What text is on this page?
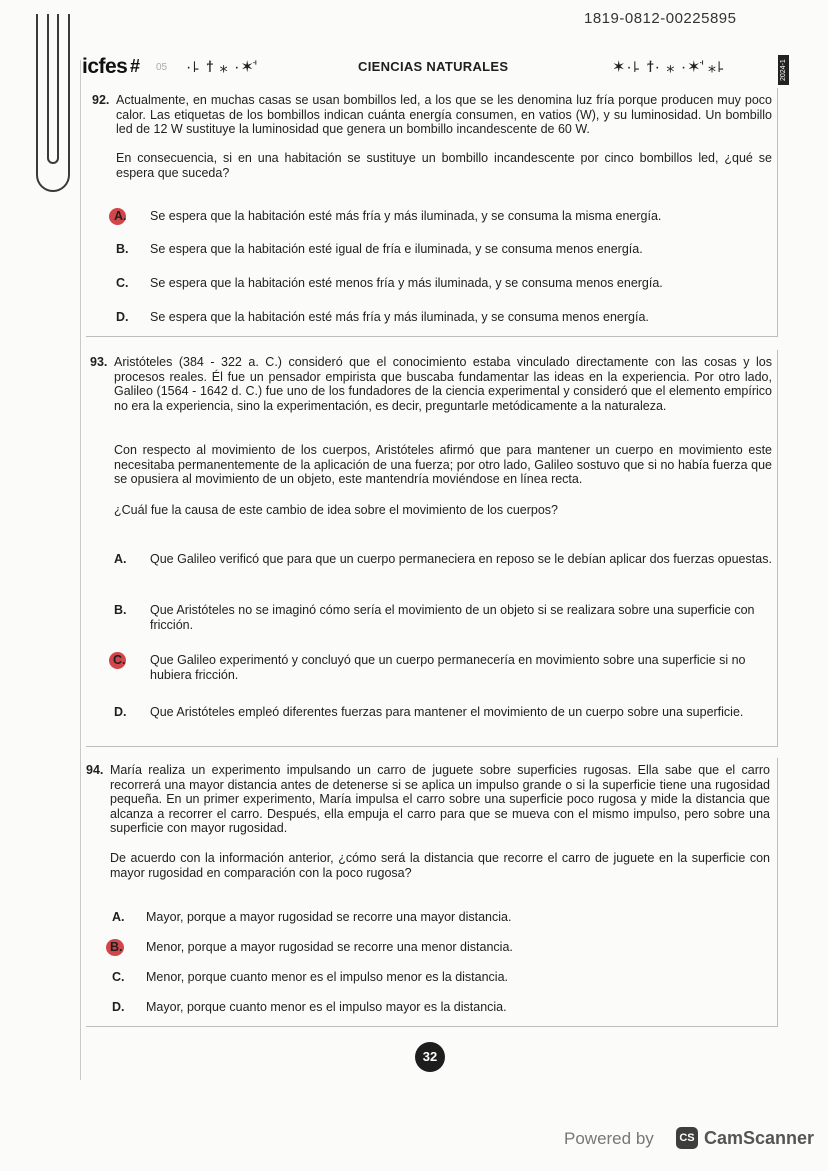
1819-0812-00225895
icfes # 05 ·꜕ ϯ ⁎ ·✶ꜗ	CIENCIAS NATURALES	✶·꜕ ϯ· ⁎ ·✶ꜗ ⁎꜕	2024-1
92. Actualmente, en muchas casas se usan bombillos led, a los que se les denomina luz fría porque producen muy poco calor. Las etiquetas de los bombillos indican cuánta energía consumen, en vatios (W), y su luminosidad. Un bombillo led de 12 W sustituye la luminosidad que genera un bombillo incandescente de 60 W.

En consecuencia, si en una habitación se sustituye un bombillo incandescente por cinco bombillos led, ¿qué se espera que suceda?

A. Se espera que la habitación esté más fría y más iluminada, y se consuma la misma energía.

B. Se espera que la habitación esté igual de fría e iluminada, y se consuma menos energía.

C. Se espera que la habitación esté menos fría y más iluminada, y se consuma menos energía.

D. Se espera que la habitación esté más fría y más iluminada, y se consuma menos energía.

93. Aristóteles (384 - 322 a. C.) consideró que el conocimiento estaba vinculado directamente con las cosas y los procesos reales. Él fue un pensador empirista que buscaba fundamentar las ideas en la experiencia. Por otro lado, Galileo (1564 - 1642 d. C.) fue uno de los fundadores de la ciencia experimental y consideró que el elemento empírico no era la experiencia, sino la experimentación, es decir, preguntarle metódicamente a la naturaleza.

Con respecto al movimiento de los cuerpos, Aristóteles afirmó que para mantener un cuerpo en movimiento este necesitaba permanentemente de la aplicación de una fuerza; por otro lado, Galileo sostuvo que si no había fuerza que se opusiera al movimiento de un objeto, este mantendría moviéndose en línea recta.

¿Cuál fue la causa de este cambio de idea sobre el movimiento de los cuerpos?

A. Que Galileo verificó que para que un cuerpo permaneciera en reposo se le debían aplicar dos fuerzas opuestas.

B. Que Aristóteles no se imaginó cómo sería el movimiento de un objeto si se realizara sobre una superficie con fricción.

C. Que Galileo experimentó y concluyó que un cuerpo permanecería en movimiento sobre una superficie si no hubiera fricción.

D. Que Aristóteles empleó diferentes fuerzas para mantener el movimiento de un cuerpo sobre una superficie.

94. María realiza un experimento impulsando un carro de juguete sobre superficies rugosas. Ella sabe que el carro recorrerá una mayor distancia antes de detenerse si se aplica un impulso grande o si la superficie tiene una rugosidad pequeña. En un primer experimento, María impulsa el carro sobre una superficie poco rugosa y mide la distancia que alcanza a recorrer el carro. Después, ella empuja el carro para que se mueva con el mismo impulso, pero sobre una superficie con mayor rugosidad.

De acuerdo con la información anterior, ¿cómo será la distancia que recorre el carro de juguete en la superficie con mayor rugosidad en comparación con la poco rugosa?

A. Mayor, porque a mayor rugosidad se recorre una mayor distancia.

B. Menor, porque a mayor rugosidad se recorre una menor distancia.

C. Menor, porque cuanto menor es el impulso menor es la distancia.

D. Mayor, porque cuanto menor es el impulso mayor es la distancia.

32
Powered by	CS CamScanner
